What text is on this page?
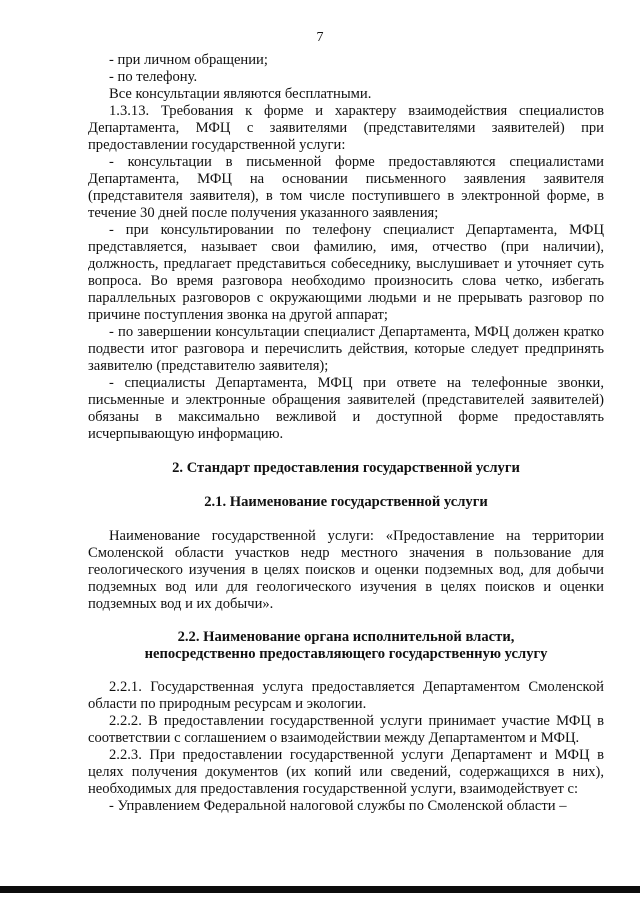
7

- при личном обращении;

- по телефону.

Все консультации являются бесплатными.

1.3.13. Требования к форме и характеру взаимодействия специалистов Департамента, МФЦ с заявителями (представителями заявителей) при предоставлении государственной услуги:

- консультации в письменной форме предоставляются специалистами Департамента, МФЦ на основании письменного заявления заявителя (представителя заявителя), в том числе поступившего в электронной форме, в течение 30 дней после получения указанного заявления;

- при консультировании по телефону специалист Департамента, МФЦ представляется, называет свои фамилию, имя, отчество (при наличии), должность, предлагает представиться собеседнику, выслушивает и уточняет суть вопроса. Во время разговора необходимо произносить слова четко, избегать параллельных разговоров с окружающими людьми и не прерывать разговор по причине поступления звонка на другой аппарат;

- по завершении консультации специалист Департамента, МФЦ должен кратко подвести итог разговора и перечислить действия, которые следует предпринять заявителю (представителю заявителя);

- специалисты Департамента, МФЦ при ответе на телефонные звонки, письменные и электронные обращения заявителей (представителей заявителей) обязаны в максимально вежливой и доступной форме предоставлять исчерпывающую информацию.

2. Стандарт предоставления государственной услуги

2.1. Наименование государственной услуги

Наименование государственной услуги: «Предоставление на территории Смоленской области участков недр местного значения в пользование для геологического изучения в целях поисков и оценки подземных вод, для добычи подземных вод или для геологического изучения в целях поисков и оценки подземных вод и их добычи».

2.2. Наименование органа исполнительной власти,

непосредственно предоставляющего государственную услугу

2.2.1. Государственная услуга предоставляется Департаментом Смоленской области по природным ресурсам и экологии.

2.2.2. В предоставлении государственной услуги принимает участие МФЦ в соответствии с соглашением о взаимодействии между Департаментом и МФЦ.

2.2.3. При предоставлении государственной услуги Департамент и МФЦ в целях получения документов (их копий или сведений, содержащихся в них), необходимых для предоставления государственной услуги, взаимодействует с:

- Управлением Федеральной налоговой службы по Смоленской области –
